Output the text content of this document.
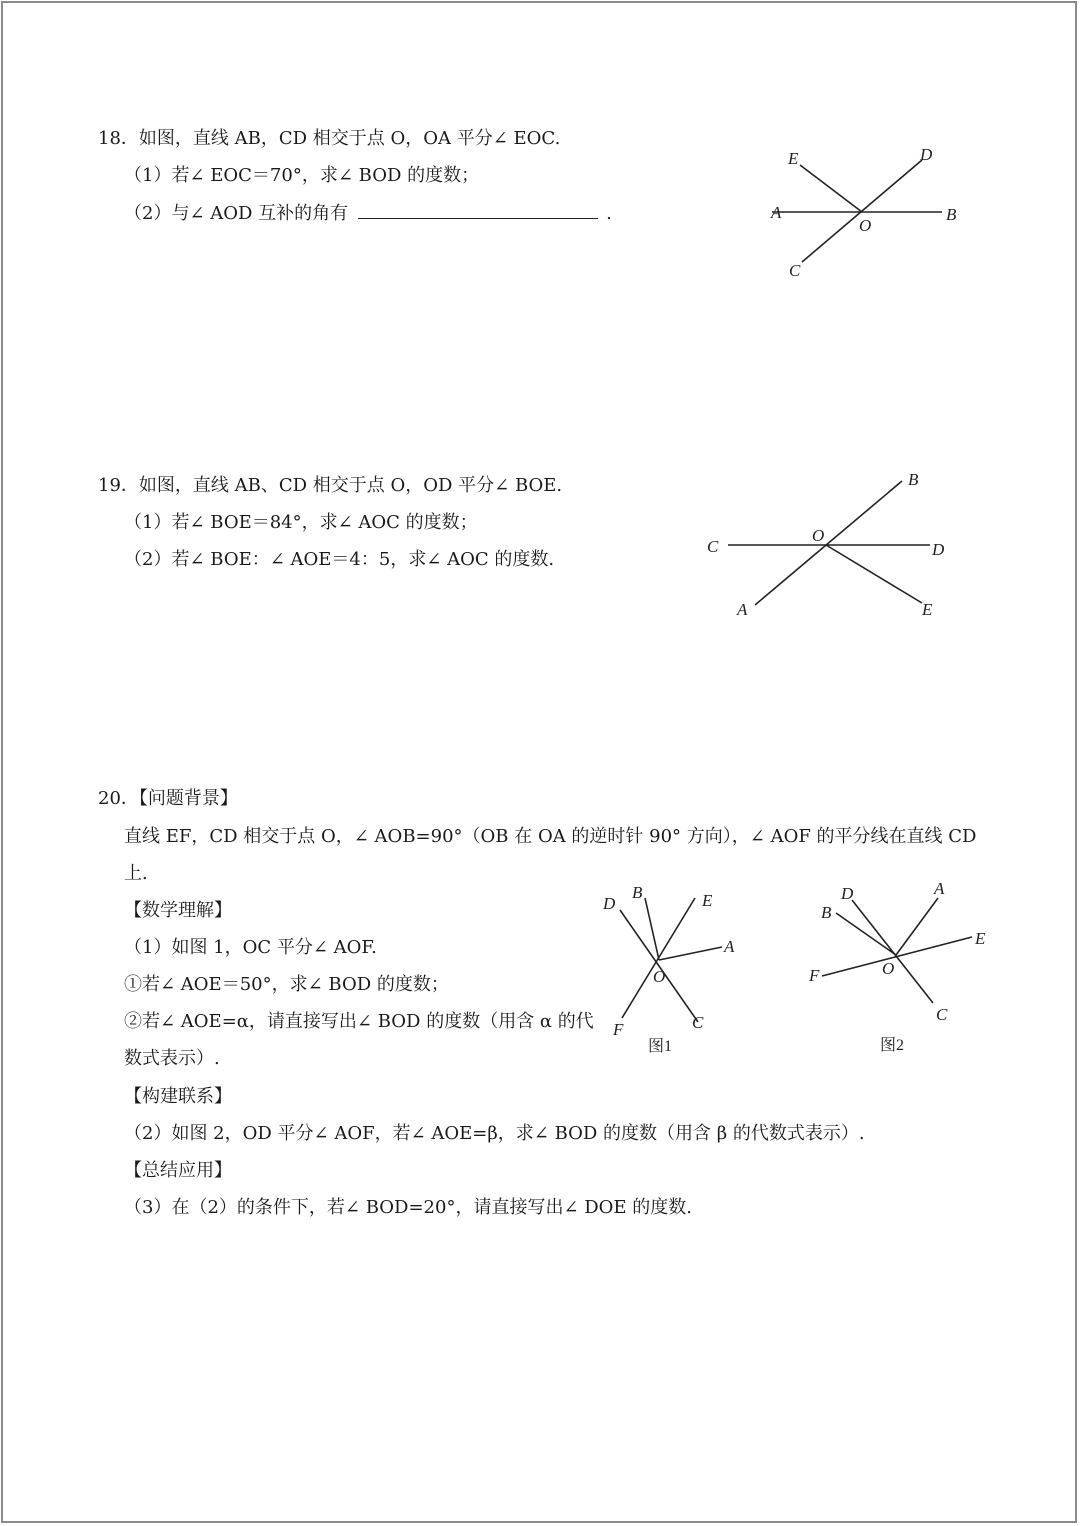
18．如图，直线 AB，CD 相交于点 O，OA 平分∠ EOC.
（1）若∠ EOC＝70°，求∠ BOD 的度数；
（2）与∠ AOD 互补的角有	.
E	D
A
O
B
C
19．如图，直线 AB、CD 相交于点 O，OD 平分∠ BOE.
（1）若∠ BOE＝84°，求∠ AOC 的度数；
（2）若∠ BOE：∠ AOE＝4：5，求∠ AOC 的度数.
B
C
O
D
A	E
20．【问题背景】
直线 EF，CD 相交于点 O，∠ AOB=90°（OB 在 OA 的逆时针 90° 方向），∠ AOF 的平分线在直线 CD
上.
【数学理解】
（1）如图 1，OC 平分∠ AOF.
①若∠ AOE＝50°，求∠ BOD 的度数；
②若∠ AOE=α，请直接写出∠ BOD 的度数（用含 α 的代
数式表示）.
【构建联系】
（2）如图 2，OD 平分∠ AOF，若∠ AOE=β，求∠ BOD 的度数（用含 β 的代数式表示）.
【总结应用】
（3）在（2）的条件下，若∠ BOD=20°，请直接写出∠ DOE 的度数.
D
B	E
A
O
F	C
图1
D	A
B
E
F	O
C
图2
